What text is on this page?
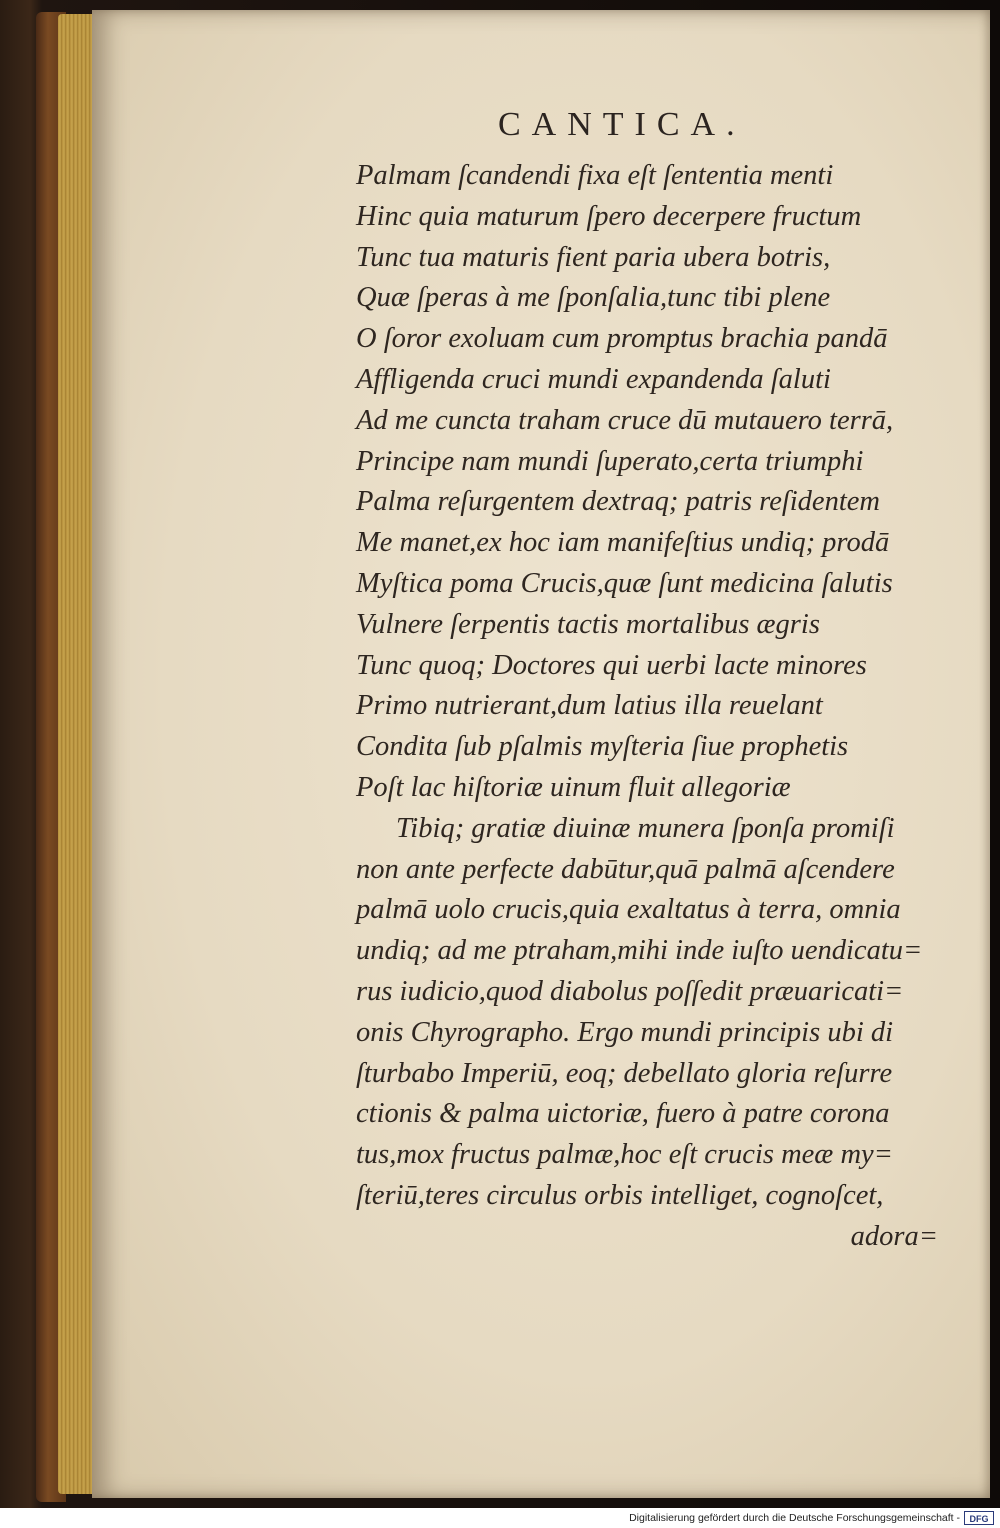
CANTICA.
Palmam ſcandendi fixa eſt ſententia menti
Hinc quia maturum ſpero decerpere fructum
Tunc tua maturis fient paria ubera botris,
Quæ ſperas à me ſponſalia,tunc tibi plene
O ſoror exoluam cum promptus brachia pandā
Affligenda cruci mundi expandenda ſaluti
Ad me cuncta traham cruce dū mutauero terrā,
Principe nam mundi ſuperato,certa triumphi
Palma reſurgentem dextraq; patris reſidentem
Me manet,ex hoc iam manifeſtius undiq; prodā
Myſtica poma Crucis,quæ ſunt medicina ſalutis
Vulnere ſerpentis tactis mortalibus ægris
Tunc quoq; Doctores qui uerbi lacte minores
Primo nutrierant,dum latius illa reuelant
Condita ſub pſalmis myſteria ſiue prophetis
Poſt lac hiſtoriæ uinum fluit allegoriæ
Tibiq; gratiæ diuinæ munera ſponſa promiſi
non ante perfecte dabūtur,quā palmā aſcendere
palmā uolo crucis,quia exaltatus à terra, omnia
undiq; ad me ptraham,mihi inde iuſto uendicatu=
rus iudicio,quod diabolus poſſedit præuaricati=
onis Chyrographo. Ergo mundi principis ubi di
ſturbabo Imperiū, eoq; debellato gloria reſurre
ctionis & palma uictoriæ, fuero à patre corona
tus,mox fructus palmæ,hoc eſt crucis meæ my=
ſteriū,teres circulus orbis intelliget, cognoſcet,
adora=
Digitalisierung gefördert durch die Deutsche Forschungsgemeinschaft -	DFG
